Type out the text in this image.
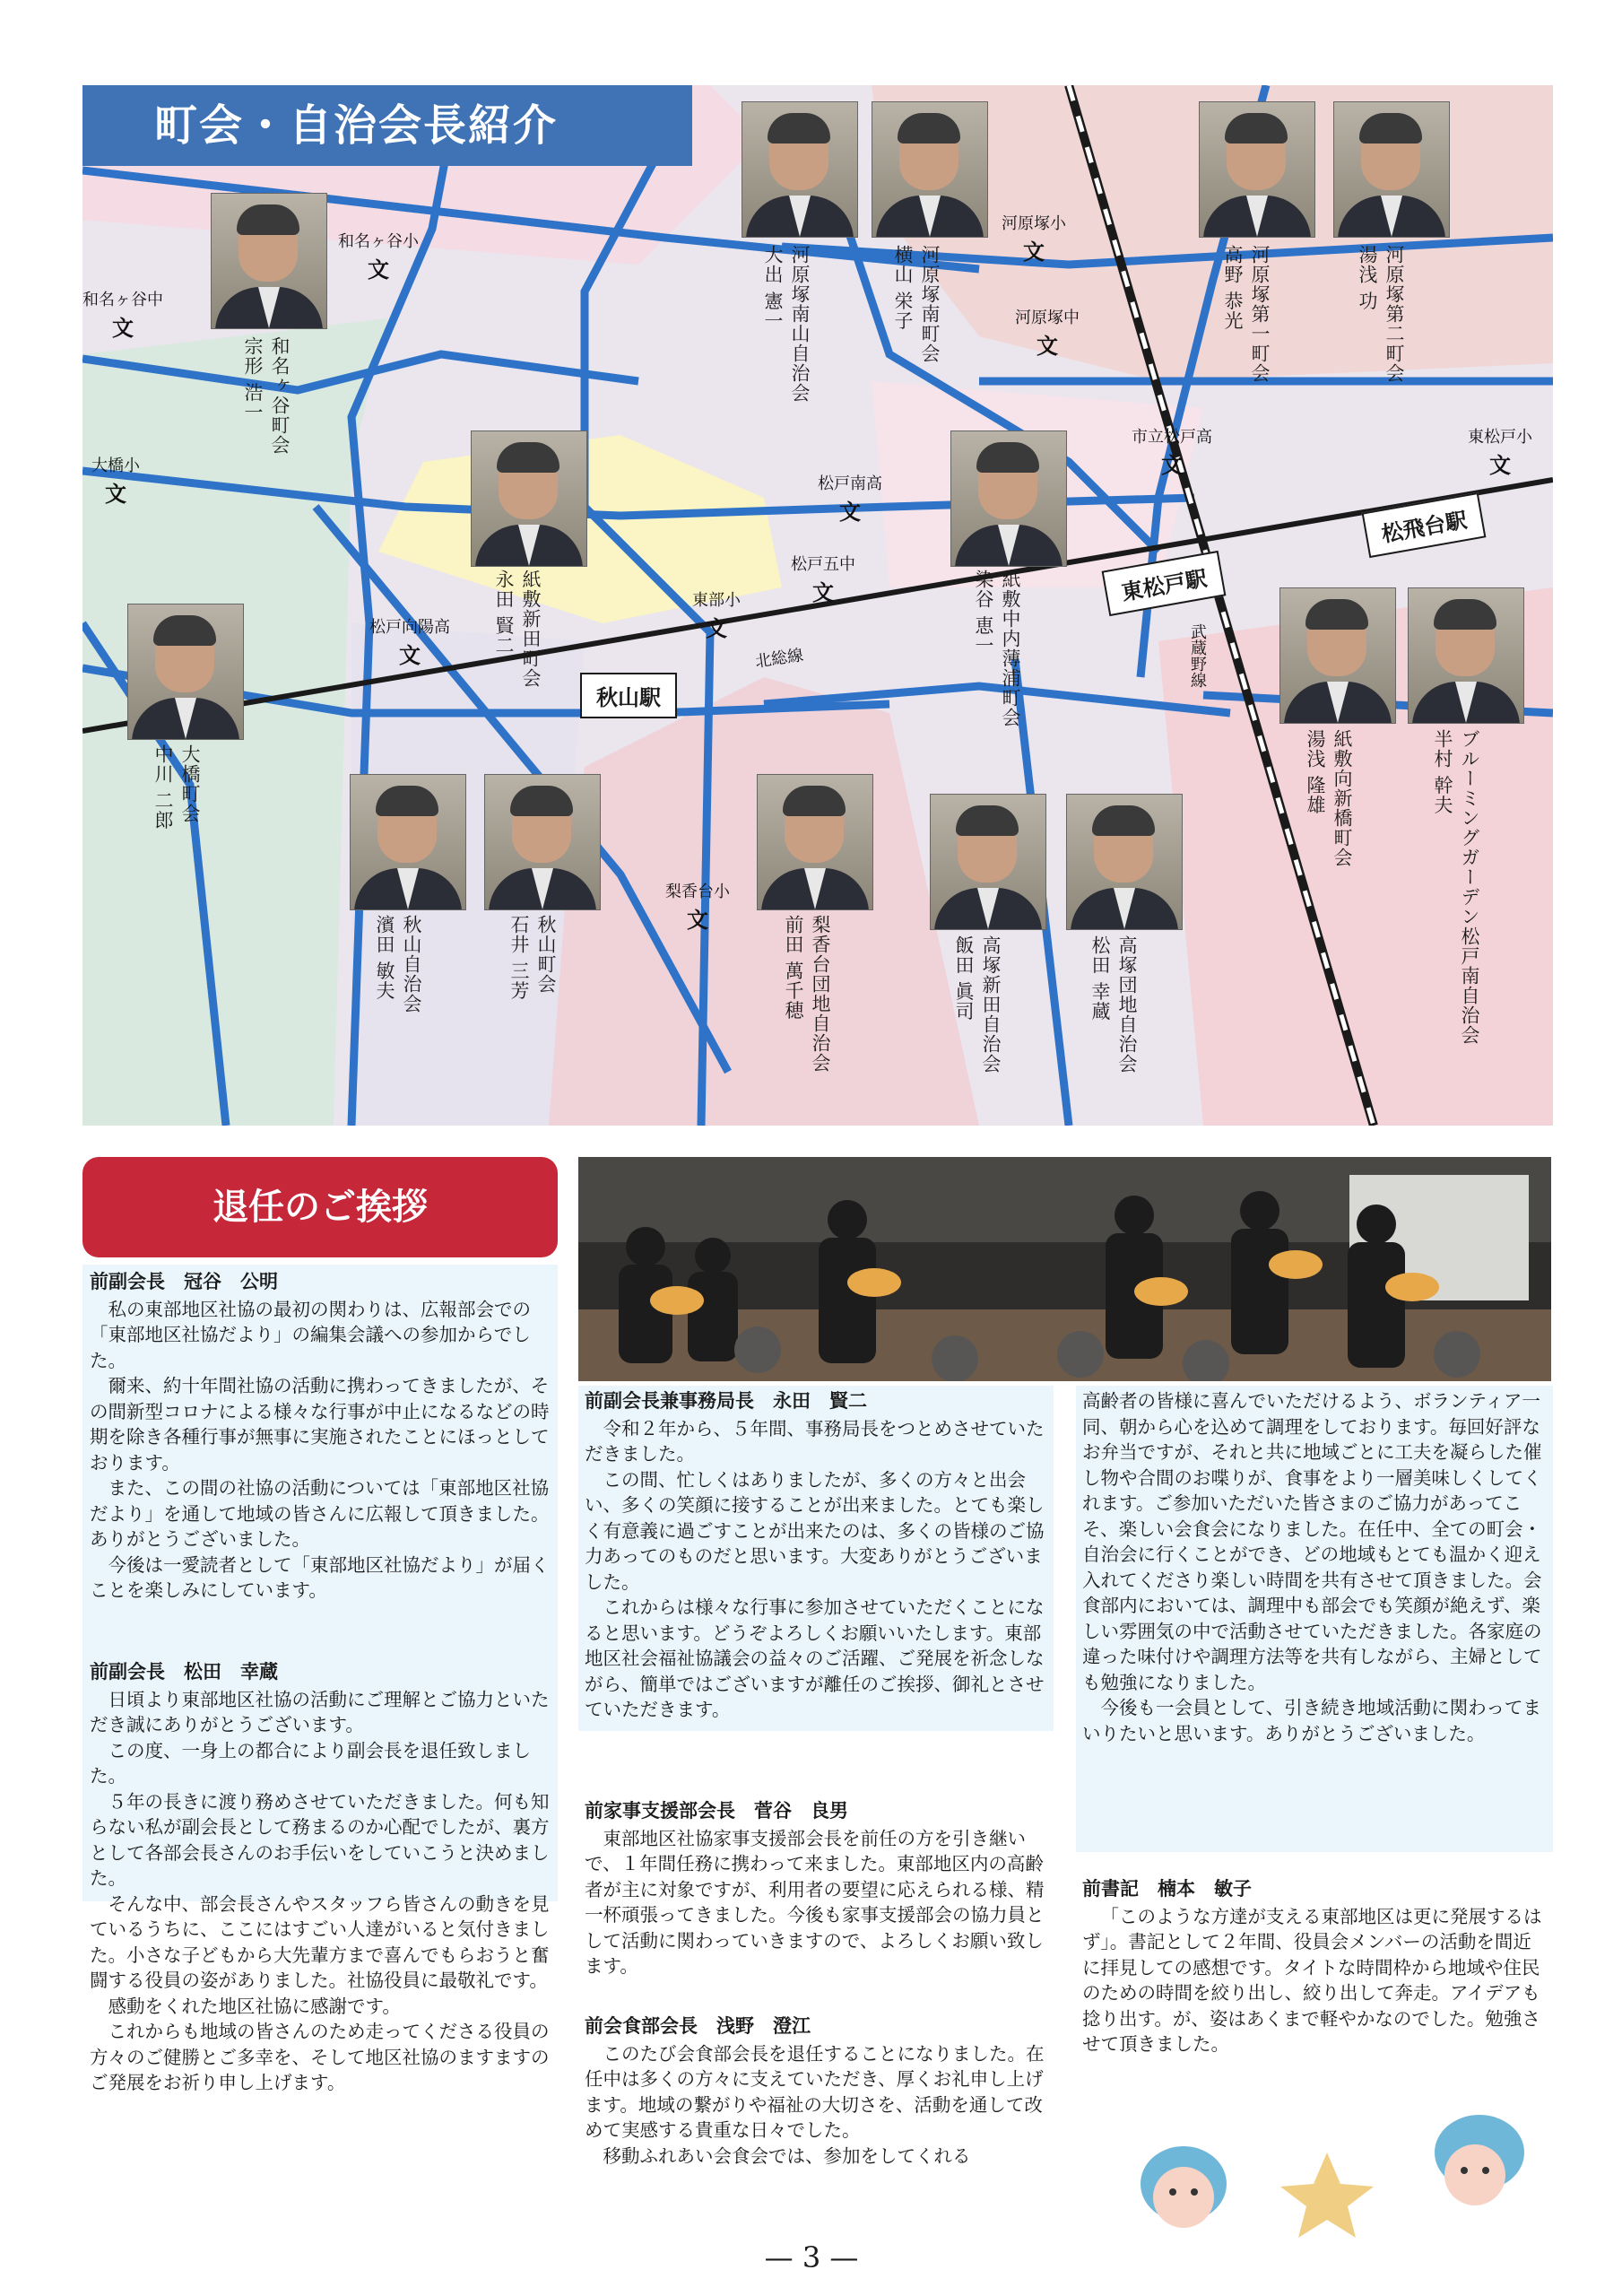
町会・自治会長紹介
秋山駅
東松戸駅
松飛台駅
北総線	武蔵野線
和名ヶ谷小
文
和名ヶ谷中
文
大橋小
文
松戸向陽高
文
東部小
文
松戸南高
文
松戸五中
文
河原塚小
文
河原塚中
文
市立松戸高
文
東松戸小
文
梨香台小
文
和名ヶ谷町会
宗形 浩一	河原塚南山自治会
大出 憲一	河原塚南町会
横山 栄子	河原塚第一町会
高野 恭光	河原塚第二町会
湯浅 功
紙敷新田町会
永田 賢二	紙敷中内薄浦町会
染谷 恵一
大橋町会
中川 二郎	紙敷向新橋町会
湯浅 隆雄	ブルーミングガーデン松戸南自治会
半村 幹夫
秋山自治会
濱田 敏夫	秋山町会
石井 三芳	梨香台団地自治会
前田 萬千穂	高塚新田自治会
飯田 眞司	高塚団地自治会
松田 幸蔵
退任のご挨拶
前副会長　冠谷　公明

私の東部地区社協の最初の関わりは、広報部会での「東部地区社協だより」の編集会議への参加からでした。

爾来、約十年間社協の活動に携わってきましたが、その間新型コロナによる様々な行事が中止になるなどの時期を除き各種行事が無事に実施されたことにほっとしております。

また、この間の社協の活動については「東部地区社協だより」を通して地域の皆さんに広報して頂きました。ありがとうございました。

今後は一愛読者として「東部地区社協だより」が届くことを楽しみにしています。

前副会長　松田　幸蔵

日頃より東部地区社協の活動にご理解とご協力といただき誠にありがとうございます。

この度、一身上の都合により副会長を退任致しました。

５年の長きに渡り務めさせていただきました。何も知らない私が副会長として務まるのか心配でしたが、裏方として各部会長さんのお手伝いをしていこうと決めました。

そんな中、部会長さんやスタッフら皆さんの動きを見ているうちに、ここにはすごい人達がいると気付きました。小さな子どもから大先輩方まで喜んでもらおうと奮闘する役員の姿がありました。社協役員に最敬礼です。

感動をくれた地区社協に感謝です。

これからも地域の皆さんのため走ってくださる役員の方々のご健勝とご多幸を、そして地区社協のますますのご発展をお祈り申し上げます。

前副会長兼事務局長　永田　賢二

令和２年から、５年間、事務局長をつとめさせていただきました。

この間、忙しくはありましたが、多くの方々と出会い、多くの笑顔に接することが出来ました。とても楽しく有意義に過ごすことが出来たのは、多くの皆様のご協力あってのものだと思います。大変ありがとうございました。

これからは様々な行事に参加させていただくことになると思います。どうぞよろしくお願いいたします。東部地区社会福祉協議会の益々のご活躍、ご発展を祈念しながら、簡単ではございますが離任のご挨拶、御礼とさせていただきます。

前家事支援部会長　菅谷　良男

東部地区社協家事支援部会長を前任の方を引き継いで、１年間任務に携わって来ました。東部地区内の高齢者が主に対象ですが、利用者の要望に応えられる様、精一杯頑張ってきました。今後も家事支援部会の協力員として活動に関わっていきますので、よろしくお願い致します。

前会食部会長　浅野　澄江

このたび会食部会長を退任することになりました。在任中は多くの方々に支えていただき、厚くお礼申し上げます。地域の繋がりや福祉の大切さを、活動を通して改めて実感する貴重な日々でした。

移動ふれあい会食会では、参加をしてくれる

高齢者の皆様に喜んでいただけるよう、ボランティア一同、朝から心を込めて調理をしております。毎回好評なお弁当ですが、それと共に地域ごとに工夫を凝らした催し物や合間のお喋りが、食事をより一層美味しくしてくれます。ご参加いただいた皆さまのご協力があってこそ、楽しい会食会になりました。在任中、全ての町会・自治会に行くことができ、どの地域もとても温かく迎え入れてくださり楽しい時間を共有させて頂きました。会食部内においては、調理中も部会でも笑顔が絶えず、楽しい雰囲気の中で活動させていただきました。各家庭の違った味付けや調理方法等を共有しながら、主婦としても勉強になりました。

今後も一会員として、引き続き地域活動に関わってまいりたいと思います。ありがとうございました。

前書記　楠本　敏子

「このような方達が支える東部地区は更に発展するはず」。書記として２年間、役員会メンバーの活動を間近に拝見しての感想です。タイトな時間枠から地域や住民のための時間を絞り出し、絞り出して奔走。アイデアも捻り出す。が、姿はあくまで軽やかなのでした。勉強させて頂きました。

— 3 —
